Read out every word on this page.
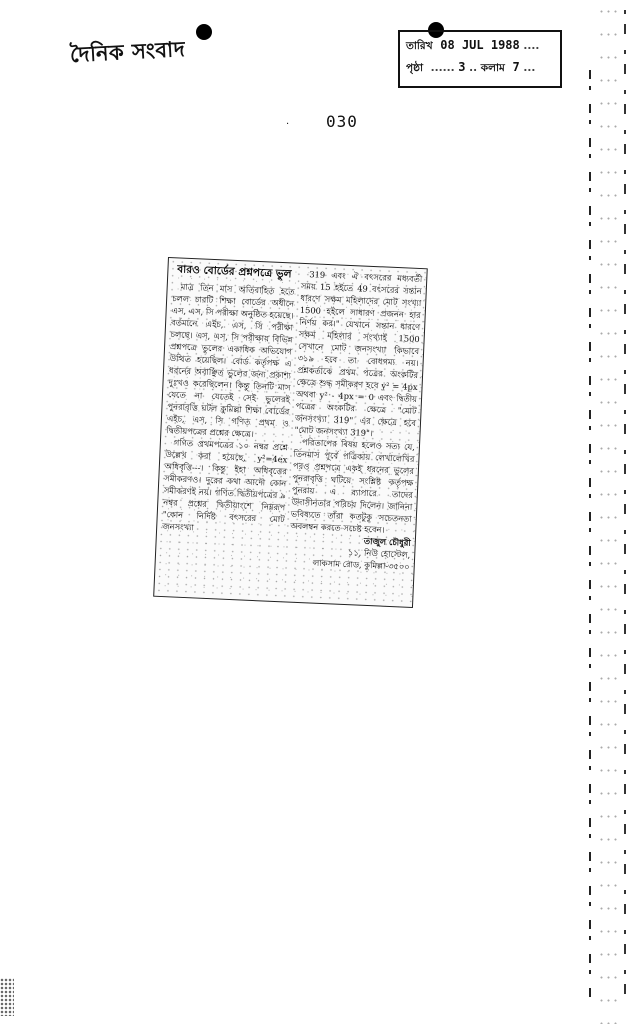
দৈনিক সংবাদ	তারিখ 08 JUL 1988 ....
পৃষ্ঠা ...... 3 .. কলাম 7 ...
· 030
বারও বোর্ডের প্রশ্নপত্রে ভুল

মাত্র তিন মাস অতিবাহিত হতে চলল চারটি শিক্ষা বোর্ডের অধীনে এস, এস, সি পরীক্ষা অনুষ্ঠিত হয়েছে। বর্তমানে এইচ, এস, সি পরীক্ষা চলছে। এস, এস, সি পরীক্ষায় বিভিন্ন প্রশ্নপত্রে ভুলের একাধিক অভিযোগ উত্থিত হয়েছিল। বোর্ড কর্তৃপক্ষ এ ধরনের অবাঞ্ছিত ভুলের জন্য প্রকাশ্য দুঃখও করেছিলেন। কিন্তু তিনটি মাস যেতে না যেতেই সেই ভুলেরই পুনরাবৃত্তি ঘটল কুমিল্লা শিক্ষা বোর্ডের এইচ, এস, সি গণিত প্রথম ও দ্বিতীয়পত্রের প্রশ্নের ক্ষেত্রে।

গণিত প্রথমপত্রের ১০ নম্বর প্রশ্নে উল্লেখ করা হয়েছে, y²=4ex অধিবৃত্তি---। কিন্তু ইহা অধিবৃত্তের সমীকরণও। দুরের কথা আদৌ কোন সমীকরণই নয়। গণিত দ্বিতীয়পত্রের ৯ নম্বর প্রশ্নের দ্বিতীয়াংশে নিম্নরূপ "কোন নির্দিষ্ট বৎসরের মোট জনসংখ্যা

319 এবং ঐ বৎসরের মধ্যবর্তী সময় 15 হইতে 49 বৎসরের সন্তান ধারণে সক্ষম মহিলাদের মোট সংখ্যা 1500 হইলে সাধারণ প্রজনন হার নির্ণয় কর।" যেখানে সন্তান ধারণে সক্ষম মহিলার সংখ্যাই 1500 সেখানে মোট জনসংখ্যা কিভাবে ৩১৯ হবে তা বোধগম্য নয়। প্রশ্নকর্তাকে প্রথম পত্রের অংকটির ক্ষেত্রে শুদ্ধ সমীকরণ হবে y² = 4px অথবা y² - 4px = 0 এবং দ্বিতীয় পত্রের অংকটির ক্ষেত্রে "মোট জনসংখ্যা 319" এর ক্ষেত্রে হবে "মোট জনসংখ্যা 319"।

পরিতাপের বিষয় হলেও সত্য যে, তিনমাস পূর্বে পত্রিকায় লেখালেখির পরও প্রশ্নপত্রে একই ধরনের ভুলের পুনরাবৃত্তি ঘটিয়ে সংশ্লিষ্ট কর্তৃপক্ষ পুনরায় এ ব্যাপারে তাদের উদাসীনতার পরিচয় দিলেন। জানিনা ভবিষ্যতে তাঁরা কতটুকু সচেতনতা অবলম্বন করতে সচেষ্ট হবেন।

তাজুল চৌধুরী
১১, নিউ হোস্টেল,
লাকসাম রোড, কুমিল্লা-৩৫০০
